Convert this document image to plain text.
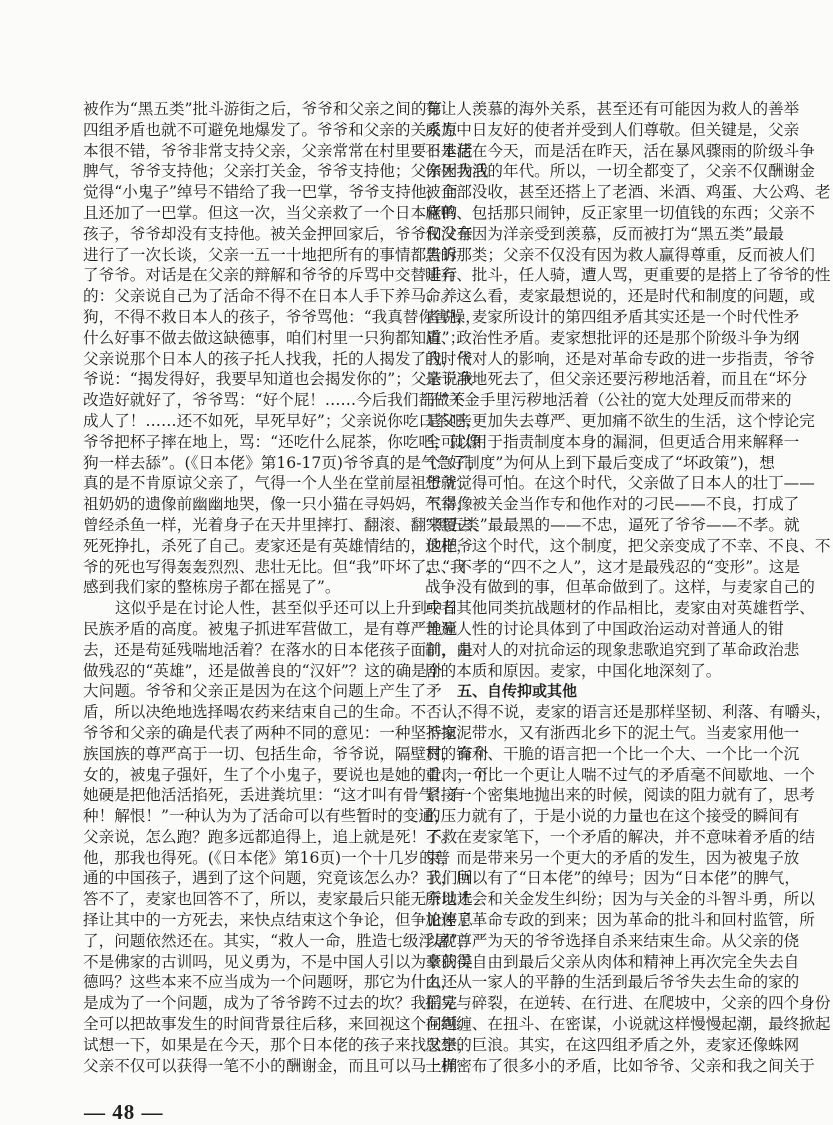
被作为“黑五类”批斗游街之后，爷爷和父亲之间的第
四组矛盾也就不可避免地爆发了。爷爷和父亲的关系原
本很不错，爷爷非常支持父亲，父亲常常在村里要日本佬
脾气，爷爷支持他；父亲打关金，爷爷支持他；父亲因为我
觉得“小鬼子”绰号不错给了我一巴掌，爷爷支持他，而
且还加了一巴掌。但这一次，当父亲救了一个日本佬的
孩子，爷爷却没有支持他。被关金押回家后，爷爷和父亲
进行了一次长谈，父亲一五一十地把所有的事情都告诉
了爷爷。对话是在父亲的辩解和爷爷的斥骂中交替进行
的：父亲说自己为了活命不得不在日本人手下养马、养
狗，不得不救日本人的孩子，爷爷骂他：“我真替你害臊，
什么好事不做去做这缺德事，咱们村里一只狗都知道”；
父亲说那个日本人的孩子托人找我，托的人揭发了我，爷
爷说：“揭发得好，我要早知道也会揭发你的”；父亲说我
改造好就好了，爷爷骂：“好个屁！……今后我们都做不
成人了！……还不如死，早死早好”；父亲说你吃口茶吧，
爷爷把杯子摔在地上，骂：“还吃什么屁茶，你吃吧，就像
狗一样去舔”。(《日本佬》第16-17页)爷爷真的是气急了，
真的是不肯原谅父亲了，气得一个人坐在堂前屋祖爷爷、
祖奶奶的遗像前幽幽地哭，像一只小猫在寻妈妈，气得像
曾经杀鱼一样，光着身子在天井里摔打、翻滚、翻来覆去、
死死挣扎，杀死了自己。麦家还是有英雄情结的，他把爷
爷的死也写得轰轰烈烈、悲壮无比。但“我”吓坏了，“我
感到我们家的整栋房子都在摇晃了”。
这似乎是在讨论人性，甚至似乎还可以上升到中日
民族矛盾的高度。被鬼子抓进军营做工，是有尊严地死
去，还是苟延残喘地活着？在落水的日本佬孩子面前，是
做残忍的“英雄”，还是做善良的“汉奸”？这的确是个
大问题。爷爷和父亲正是因为在这个问题上产生了矛
盾，所以决绝地选择喝农药来结束自己的生命。不否认，
爷爷和父亲的确是代表了两种不同的意见：一种坚持家
族国族的尊严高于一切、包括生命，爷爷说，隔壁村，有个
女的，被鬼子强奸，生了个小鬼子，要说也是她的骨肉，可
她硬是把他活活掐死，丢进粪坑里：“这才叫有骨气！有
种！解恨！”一种认为为了活命可以有些暂时的变通，
父亲说，怎么跑？跑多远都追得上，追上就是死！不救
他，那我也得死。(《日本佬》第16页)一个十几岁的普
通的中国孩子，遇到了这个问题，究竟该怎么办？我们回
答不了，麦家也回答不了，所以，麦家最后只能无奈地选
择让其中的一方死去，来快点结束这个争论，但争论停息
了，问题依然还在。其实，“救人一命，胜造七级浮屠”，
不是佛家的古训吗，见义勇为，不是中国人引以为豪的美
德吗？这些本来不应当成为一个问题呀，那它为什么还
是成为了一个问题，成为了爷爷跨不过去的坎？我们完
全可以把故事发生的时间背景往后移，来回视这个问题。
试想一下，如果是在今天，那个日本佬的孩子来找父亲，
父亲不仅可以获得一笔不小的酬谢金，而且可以马上拥
有让人羡慕的海外关系，甚至还有可能因为救人的善举
成为中日友好的使者并受到人们尊敬。但关键是，父亲
不是活在今天，而是活在昨天，活在暴风骤雨的阶级斗争
你死我活的年代。所以，一切全都变了，父亲不仅酬谢金
被全部没收，甚至还搭上了老酒、米酒、鸡蛋、大公鸡、老
麻鸭、包括那只闹钟，反正家里一切值钱的东西；父亲不
仅没有因为洋亲受到羡慕，反而被打为“黑五类”最最
黑的那类；父亲不仅没有因为救人赢得尊重，反而被人们
唾弃、批斗，任人骑，遭人骂，更重要的是搭上了爷爷的性
命。这么看，麦家最想说的，还是时代和制度的问题，或
者说，麦家所设计的第四组矛盾其实还是一个时代性矛
盾、政治性矛盾。麦家想批评的还是那个阶级斗争为纲
的时代对人的影响，还是对革命专政的进一步指责，爷爷
是干净地死去了，但父亲还要污秽地活着，而且在“坏分
子”关金手里污秽地活着（公社的宽大处理反而带来的
是父亲更加失去尊严、更加痛不欲生的生活，这个悖论完
全可以用于指责制度本身的漏洞，但更适合用来解释一
个“好制度”为何从上到下最后变成了“坏政策”)，想
想就觉得可怕。在这个时代，父亲做了日本人的壮丁——
不幸，被关金当作专和他作对的刁民——不良，打成了
“黑五类”最最黑的——不忠，逼死了爷爷——不孝。就
这样，这个时代，这个制度，把父亲变成了不幸、不良、不
忠、不孝的“四不之人”，这才是最残忍的“变形”。这是
战争没有做到的事，但革命做到了。这样，与麦家自己的
或者其他同类抗战题材的作品相比，麦家由对英雄哲学、
普遍人性的讨论具体到了中国政治运动对普通人的钳
制，由对人的对抗命运的现象悲歌追究到了革命政治悲
剧的本质和原因。麦家，中国化地深刻了。
五、自传抑或其他
不得不说，麦家的语言还是那样坚韧、利落、有嚼头，
不拖泥带水，又有浙西北乡下的泥土气。当麦家用他一
贯的锋利、干脆的语言把一个比一个大、一个比一个沉
重、一个比一个更让人喘不过气的矛盾毫不间歇地、一个
紧接一个密集地抛出来的时候，阅读的阻力就有了，思考
的压力就有了，于是小说的力量也在这个接受的瞬间有
了。在麦家笔下，一个矛盾的解决，并不意味着矛盾的结
束，而是带来另一个更大的矛盾的发生，因为被鬼子放
了，所以有了“日本佬”的绰号；因为“日本佬”的脾气，
所以才会和关金发生纠纷；因为与关金的斗智斗勇，所以
加速了革命专政的到来；因为革命的批斗和回村监管，所
以视尊严为天的爷爷选择自杀来结束生命。从父亲的侥
幸获得自由到最后父亲从肉体和精神上再次完全失去自
由，从一家人的平静的生活到最后爷爷失去生命的家的
摇晃与碎裂，在逆转、在行进、在爬坡中，父亲的四个身份
在纠缠、在扭斗、在密谋，小说就这样慢慢起潮，最终掀起
思想的巨浪。其实，在这四组矛盾之外，麦家还像蛛网
一样密布了很多小的矛盾，比如爷爷、父亲和我之间关于
— 48 —
